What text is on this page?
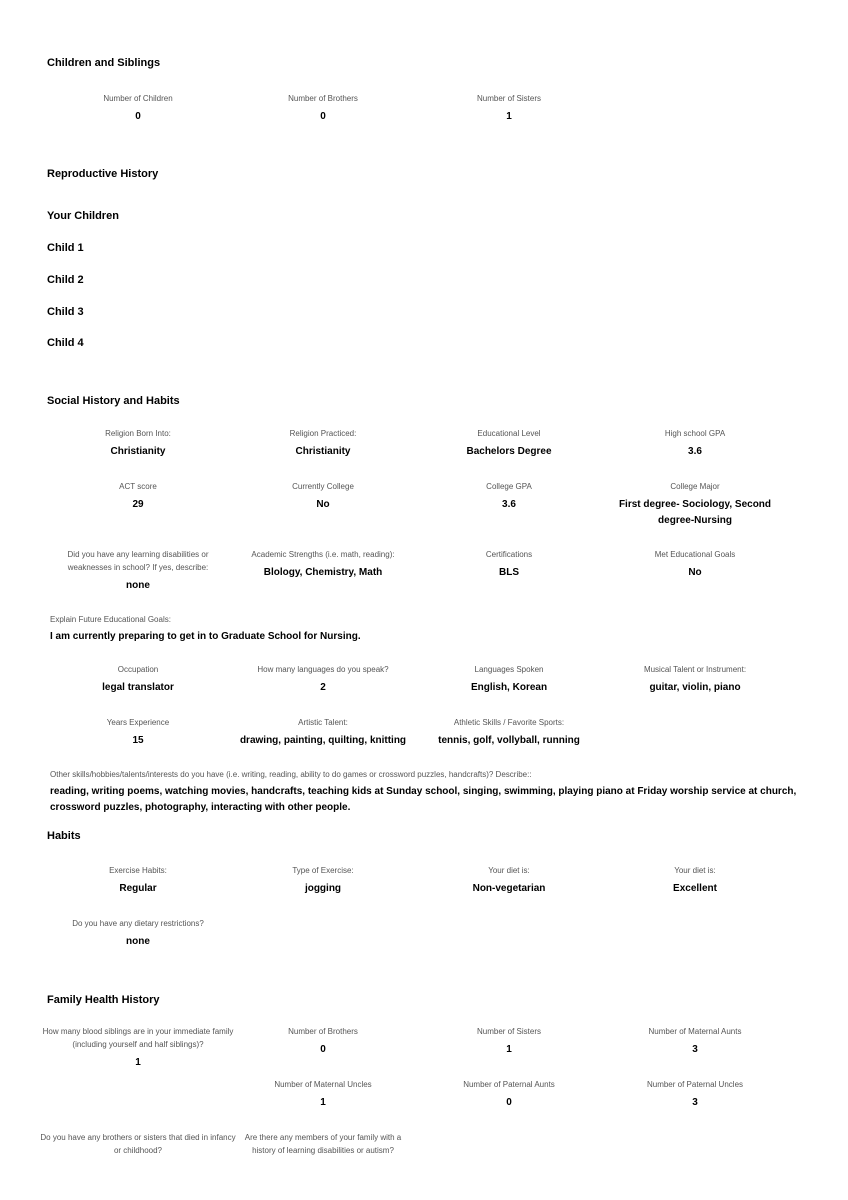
Children and Siblings
Number of Children
0
Number of Brothers
0
Number of Sisters
1
Reproductive History
Your Children
Child 1
Child 2
Child 3
Child 4
Social History and Habits
Religion Born Into:
Christianity
Religion Practiced:
Christianity
Educational Level
Bachelors Degree
High school GPA
3.6
ACT score
29
Currently College
No
College GPA
3.6
College Major
First degree- Sociology, Second degree-Nursing
Did you have any learning disabilities or weaknesses in school? If yes, describe:
none
Academic Strengths (i.e. math, reading):
Blology, Chemistry, Math
Certifications
BLS
Met Educational Goals
No
Explain Future Educational Goals:
I am currently preparing to get in to Graduate School for Nursing.
Occupation
legal translator
How many languages do you speak?
2
Languages Spoken
English, Korean
Musical Talent or Instrument:
guitar, violin, piano
Years Experience
15
Artistic Talent:
drawing, painting, quilting, knitting
Athletic Skills / Favorite Sports:
tennis, golf, vollyball, running
Other skills/hobbies/talents/interests do you have (i.e. writing, reading, ability to do games or crossword puzzles, handcrafts)? Describe::
reading, writing poems, watching movies, handcrafts, teaching kids at Sunday school, singing, swimming, playing piano at Friday worship service at church, crossword puzzles, photography, interacting with other people.
Habits
Exercise Habits:
Regular
Type of Exercise:
jogging
Your diet is:
Non-vegetarian
Your diet is:
Excellent
Do you have any dietary restrictions?
none
Family Health History
How many blood siblings are in your immediate family (including yourself and half siblings)?
1
Number of Brothers
0
Number of Sisters
1
Number of Maternal Aunts
3
Number of Maternal Uncles
1
Number of Paternal Aunts
0
Number of Paternal Uncles
3
Do you have any brothers or sisters that died in infancy or childhood?
Are there any members of your family with a history of learning disabilities or autism?
